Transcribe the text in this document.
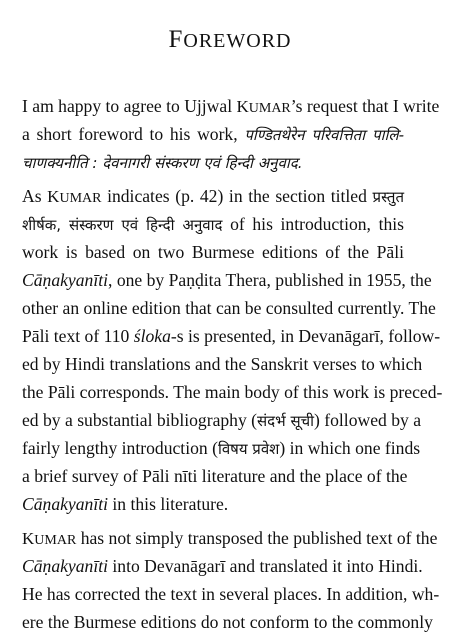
FOREWORD
I am happy to agree to Ujjwal KUMAR’s request that I write
a short foreword to his work, पण्डितथेरेन परिवत्तिता पालि-
चाणक्यनीति : देवनागरी संस्करण एवं हिन्दी अनुवाद.
As KUMAR indicates (p. 42) in the section titled प्रस्तुत
शीर्षक, संस्करण एवं हिन्दी अनुवाद of his introduction, this
work is based on two Burmese editions of the Pāli
Cāṇakyanīti, one by Paṇḍita Thera, published in 1955, the
other an online edition that can be consulted currently. The
Pāli text of 110 śloka-s is presented, in Devanāgarī, follow-
ed by Hindi translations and the Sanskrit verses to which
the Pāli corresponds. The main body of this work is preced-
ed by a substantial bibliography (संदर्भ सूची) followed by a
fairly lengthy introduction (विषय प्रवेश) in which one finds
a brief survey of Pāli nīti literature and the place of the
Cāṇakyanīti in this literature.
KUMAR has not simply transposed the published text of the
Cāṇakyanīti into Devanāgarī and translated it into Hindi.
He has corrected the text in several places. In addition, wh-
ere the Burmese editions do not conform to the commonly
